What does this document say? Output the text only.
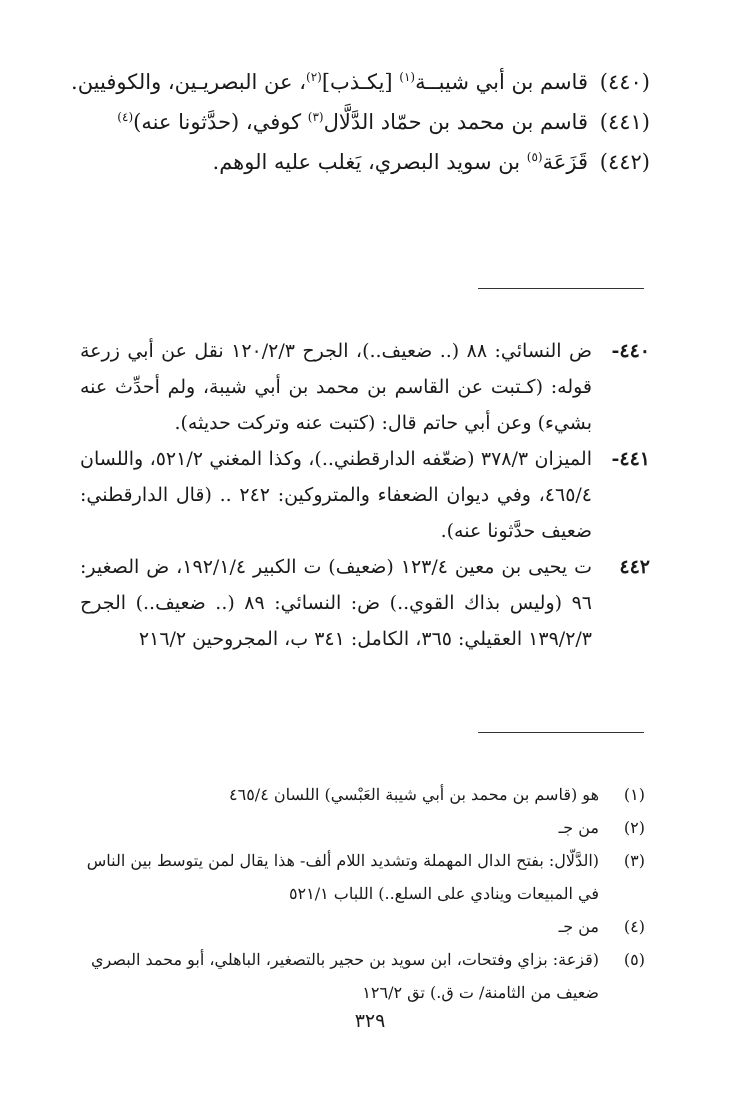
(٤٤٠)
قاسم بن أبي شيبــة$^{(١)}$ [يكـذب]$^{(٢)}$، عن البصريـين، والكوفيين.
(٤٤١)
قاسم بن محمد بن حمّاد الدَّلَّال$^{(٣)}$ كوفي، (حدَّثونا عنه)$^{(٤)}$
(٤٤٢)
قَزَعَة$^{(٥)}$ بن سويد البصري، يَغلب عليه الوهم.
٤٤٠-
ض النسائي: ٨٨ (.. ضعيف..)، الجرح ١٢٠/٢/٣ نقل عن أبي زرعة قوله: (كـتبت عن القاسم بن محمد بن أبي شيبة، ولم أحدِّث عنه بشيء) وعن أبي حاتم قال: (كتبت عنه وتركت حديثه).
٤٤١-
الميزان ٣٧٨/٣ (ضعّفه الدارقطني..)، وكذا المغني ٥٢١/٢، واللسان ٤٦٥/٤، وفي ديوان الضعفاء والمتروكين: ٢٤٢ .. (قال الدارقطني: ضعيف حدَّثونا عنه).
٤٤٢
ت يحيى بن معين ١٢٣/٤ (ضعيف) ت الكبير ١٩٢/١/٤، ض الصغير: ٩٦ (وليس بذاك القوي..) ض: النسائي: ٨٩ (.. ضعيف..) الجرح ١٣٩/٢/٣ العقيلي: ٣٦٥، الكامل: ٣٤١ ب، المجروحين ٢١٦/٢
(١)
هو (قاسم بن محمد بن أبي شيبة العَبْسي) اللسان ٤٦٥/٤
(٢)
من جـ
(٣)
(الدَّلّال: بفتح الدال المهملة وتشديد اللام ألف- هذا يقال لمن يتوسط بين الناس في المبيعات وينادي على السلع..) اللباب ٥٢١/١
(٤)
من جـ
(٥)
(قزعة: بزاي وفتحات، ابن سويد بن حجير بالتصغير، الباهلي، أبو محمد البصري ضعيف من الثامنة/ ت ق.) تق ١٢٦/٢
٣٢٩
